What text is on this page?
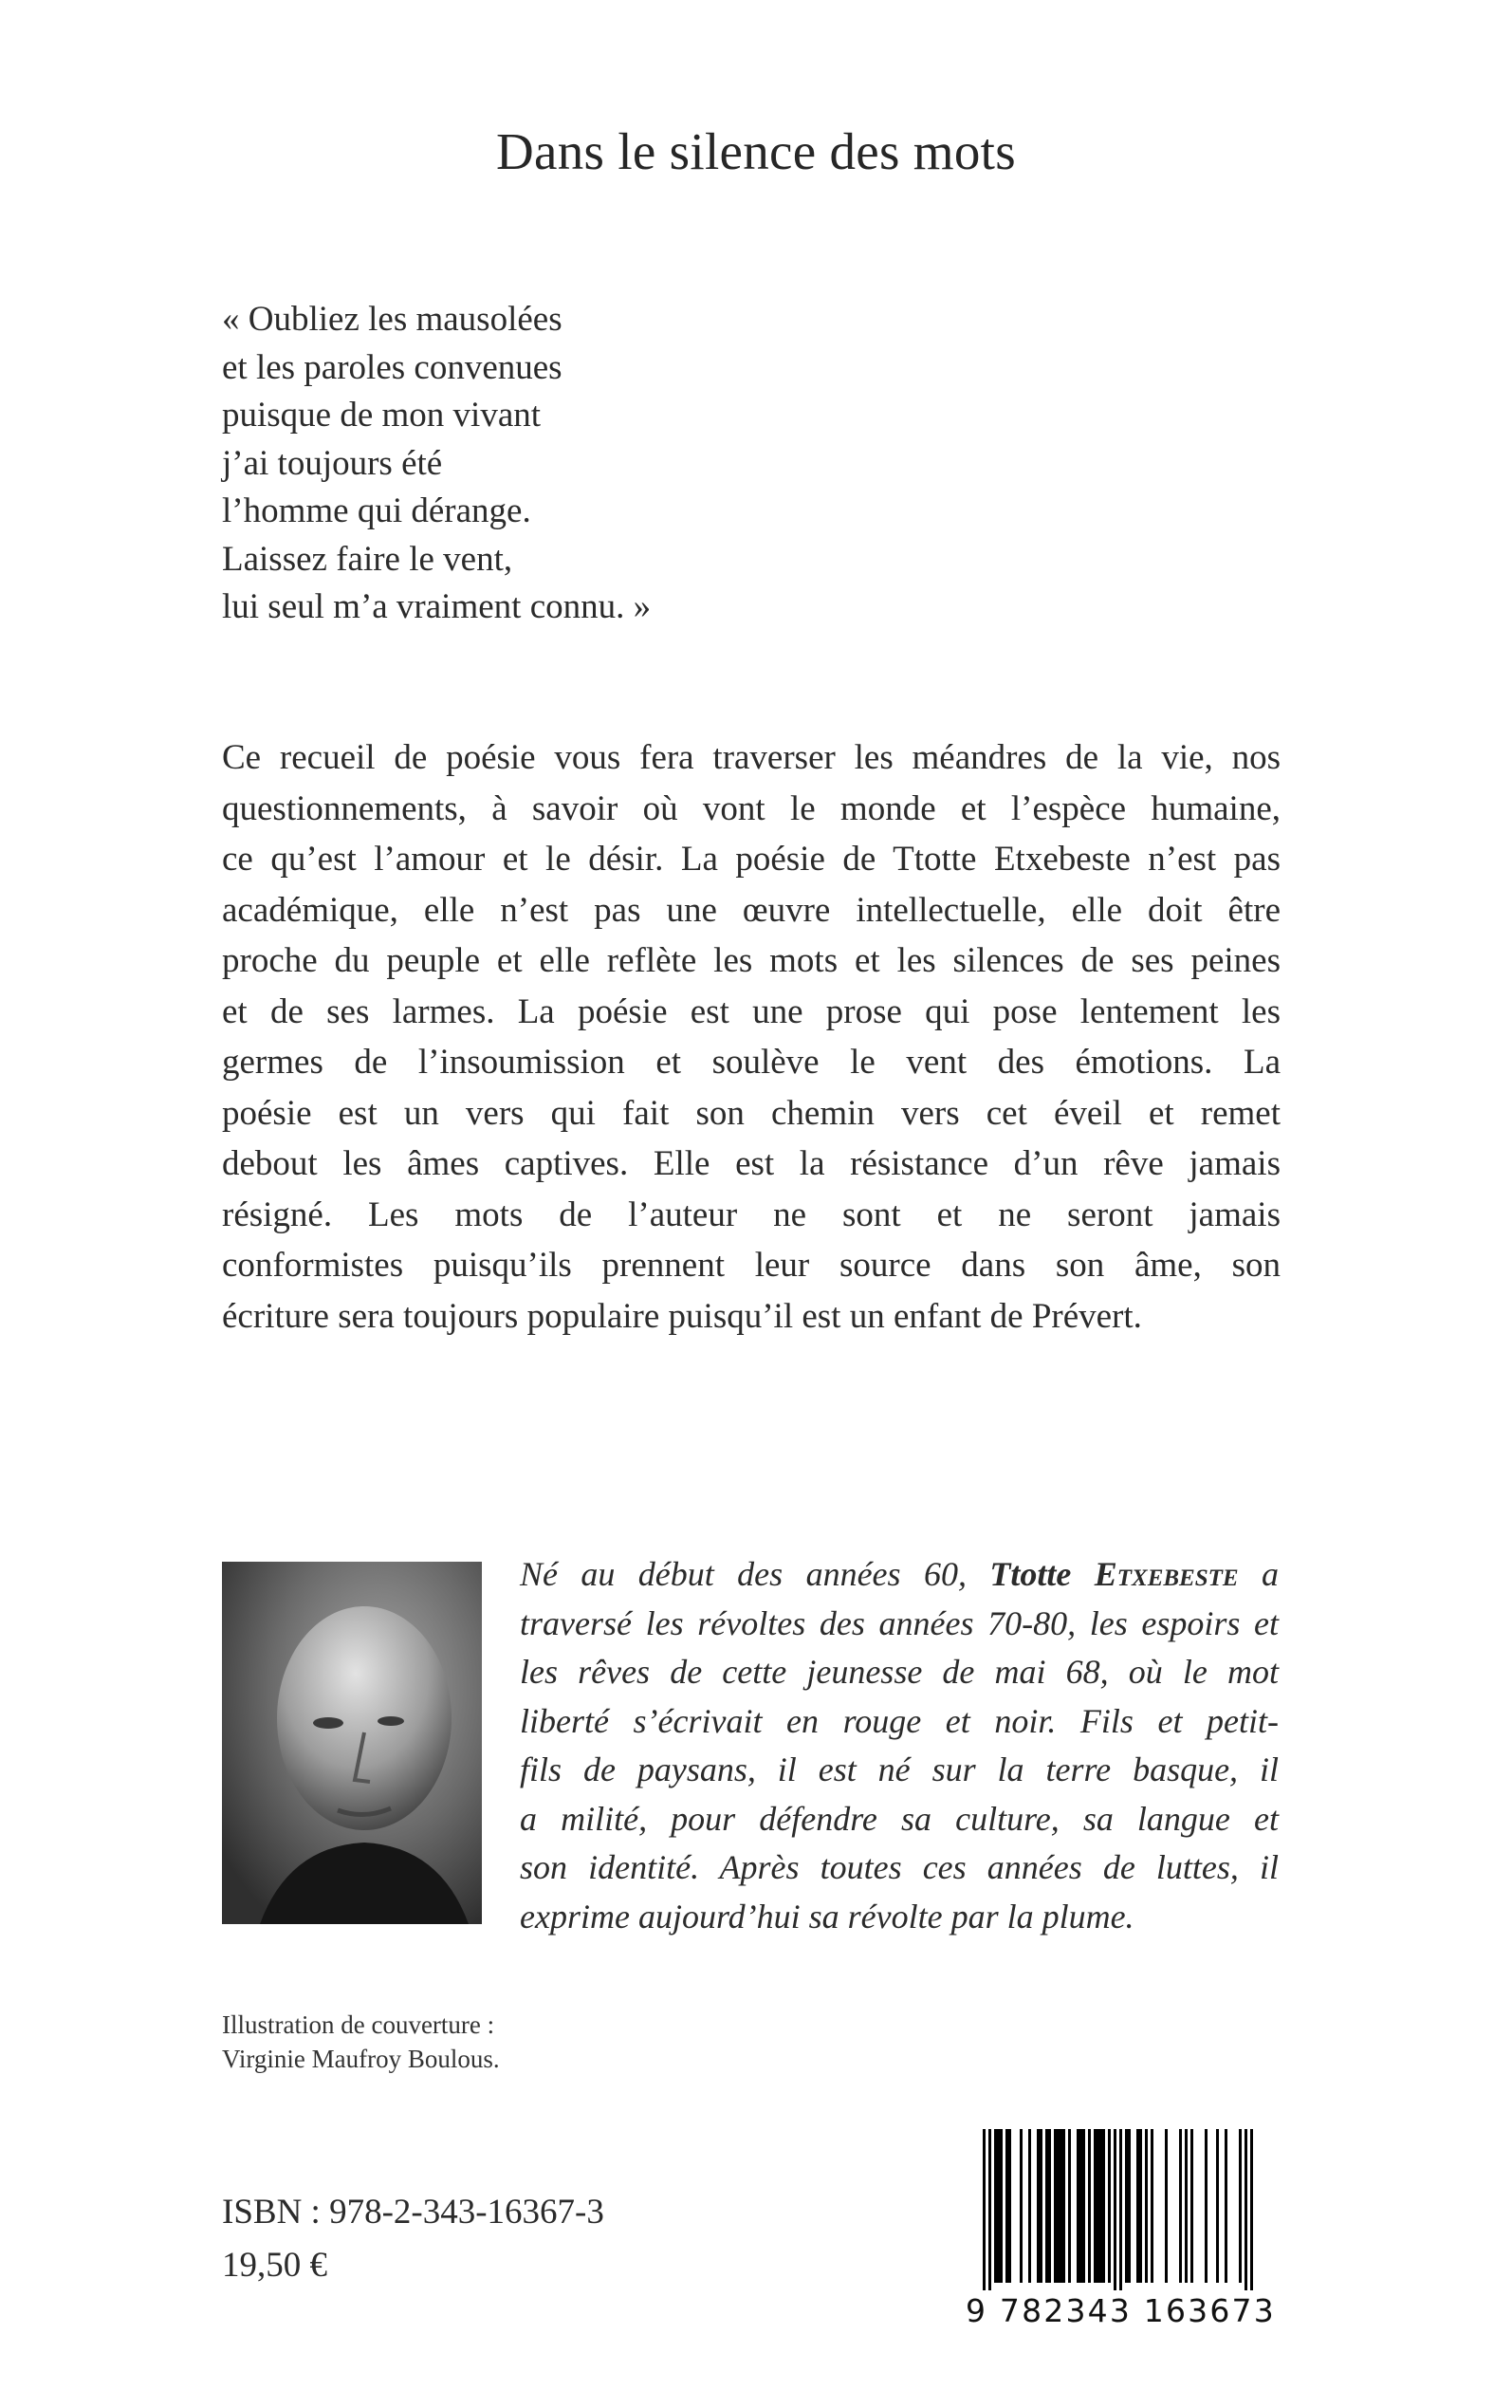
Dans le silence des mots
« Oubliez les mausolées
et les paroles convenues
puisque de mon vivant
j’ai toujours été
l’homme qui dérange.
Laissez faire le vent,
lui seul m’a vraiment connu. »
Ce recueil de poésie vous fera traverser les méandres de la vie, nos
questionnements, à savoir où vont le monde et l’espèce humaine,
ce qu’est l’amour et le désir. La poésie de Ttotte Etxebeste n’est pas
académique, elle n’est pas une œuvre intellectuelle, elle doit être
proche du peuple et elle reflète les mots et les silences de ses peines
et de ses larmes. La poésie est une prose qui pose lentement les
germes de l’insoumission et soulève le vent des émotions. La
poésie est un vers qui fait son chemin vers cet éveil et remet
debout les âmes captives. Elle est la résistance d’un rêve jamais
résigné. Les mots de l’auteur ne sont et ne seront jamais
conformistes puisqu’ils prennent leur source dans son âme, son
écriture sera toujours populaire puisqu’il est un enfant de Prévert.
Né au début des années 60, Ttotte Etxebeste a
traversé les révoltes des années 70-80, les espoirs et
les rêves de cette jeunesse de mai 68, où le mot
liberté s’écrivait en rouge et noir. Fils et petit-
fils de paysans, il est né sur la terre basque, il
a milité, pour défendre sa culture, sa langue et
son identité. Après toutes ces années de luttes, il
exprime aujourd’hui sa révolte par la plume.
Illustration de couverture :
Virginie Maufroy Boulous.
ISBN : 978-2-343-16367-3
19,50 €
9 782343 163673
